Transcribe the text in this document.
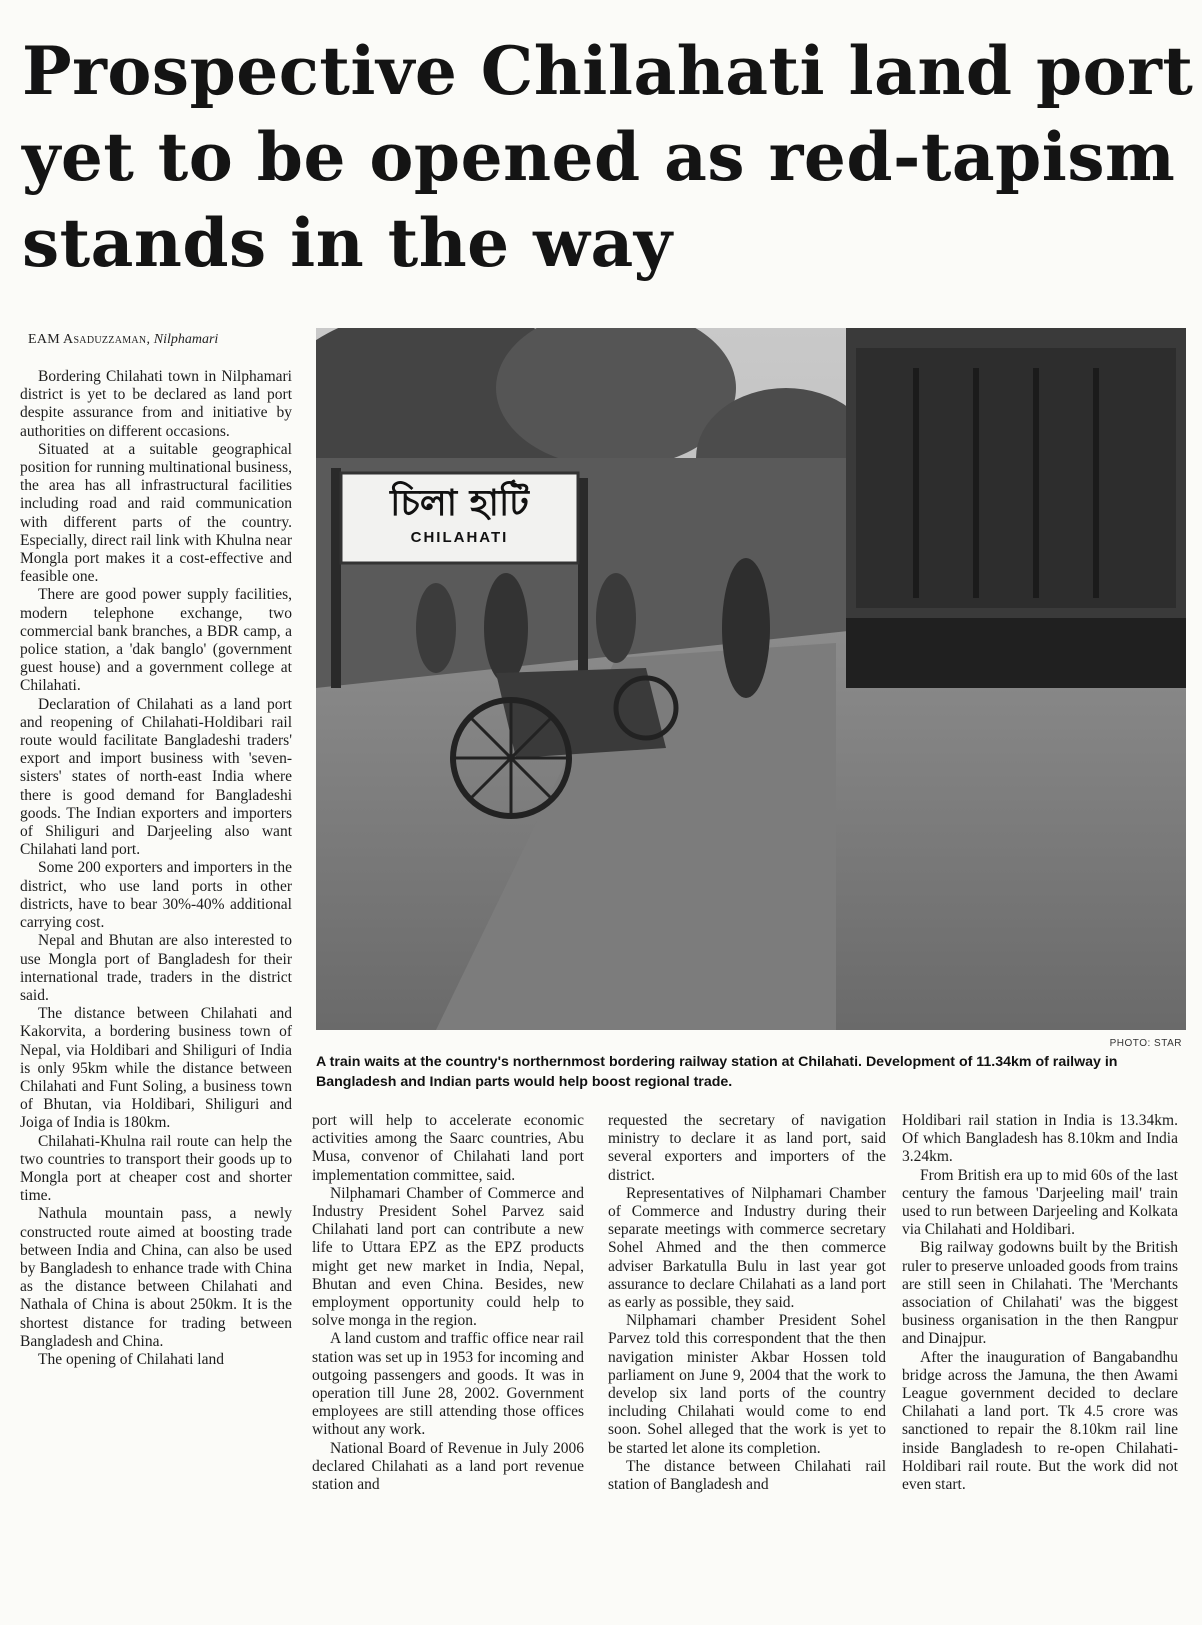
Prospective Chilahati land port
yet to be opened as red-tapism
stands in the way
EAM Asaduzzaman, Nilphamari

Bordering Chilahati town in Nilphamari district is yet to be declared as land port despite assurance from and initiative by authorities on different occasions.

Situated at a suitable geographical position for running multinational business, the area has all infrastructural facilities including road and raid communication with different parts of the country. Especially, direct rail link with Khulna near Mongla port makes it a cost-effective and feasible one.

There are good power supply facilities, modern telephone exchange, two commercial bank branches, a BDR camp, a police station, a 'dak banglo' (government guest house) and a government college at Chilahati.

Declaration of Chilahati as a land port and reopening of Chilahati-Holdibari rail route would facilitate Bangladeshi traders' export and import business with 'seven-sisters' states of north-east India where there is good demand for Bangladeshi goods. The Indian exporters and importers of Shiliguri and Darjeeling also want Chilahati land port.

Some 200 exporters and importers in the district, who use land ports in other districts, have to bear 30%-40% additional carrying cost.

Nepal and Bhutan are also interested to use Mongla port of Bangladesh for their international trade, traders in the district said.

The distance between Chilahati and Kakorvita, a bordering business town of Nepal, via Holdibari and Shiliguri of India is only 95km while the distance between Chilahati and Funt Soling, a business town of Bhutan, via Holdibari, Shiliguri and Joiga of India is 180km.

Chilahati-Khulna rail route can help the two countries to transport their goods up to Mongla port at cheaper cost and shorter time.

Nathula mountain pass, a newly constructed route aimed at boosting trade between India and China, can also be used by Bangladesh to enhance trade with China as the distance between Chilahati and Nathala of China is about 250km. It is the shortest distance for trading between Bangladesh and China.

The opening of Chilahati land

চিলা হাটি
CHILAHATI
PHOTO: STAR
A train waits at the country's northernmost bordering railway station at Chilahati. Development of 11.34km of railway in Bangladesh and Indian parts would help boost regional trade.

port will help to accelerate economic activities among the Saarc countries, Abu Musa, convenor of Chilahati land port implementation committee, said.

Nilphamari Chamber of Commerce and Industry President Sohel Parvez said Chilahati land port can contribute a new life to Uttara EPZ as the EPZ products might get new market in India, Nepal, Bhutan and even China. Besides, new employment opportunity could help to solve monga in the region.

A land custom and traffic office near rail station was set up in 1953 for incoming and outgoing passengers and goods. It was in operation till June 28, 2002. Government employees are still attending those offices without any work.

National Board of Revenue in July 2006 declared Chilahati as a land port revenue station and

requested the secretary of navigation ministry to declare it as land port, said several exporters and importers of the district.

Representatives of Nilphamari Chamber of Commerce and Industry during their separate meetings with commerce secretary Sohel Ahmed and the then commerce adviser Barkatulla Bulu in last year got assurance to declare Chilahati as a land port as early as possible, they said.

Nilphamari chamber President Sohel Parvez told this correspondent that the then navigation minister Akbar Hossen told parliament on June 9, 2004 that the work to develop six land ports of the country including Chilahati would come to end soon. Sohel alleged that the work is yet to be started let alone its completion.

The distance between Chilahati rail station of Bangladesh and

Holdibari rail station in India is 13.34km. Of which Bangladesh has 8.10km and India 3.24km.

From British era up to mid 60s of the last century the famous 'Darjeeling mail' train used to run between Darjeeling and Kolkata via Chilahati and Holdibari.

Big railway godowns built by the British ruler to preserve unloaded goods from trains are still seen in Chilahati. The 'Merchants association of Chilahati' was the biggest business organisation in the then Rangpur and Dinajpur.

After the inauguration of Bangabandhu bridge across the Jamuna, the then Awami League government decided to declare Chilahati a land port. Tk 4.5 crore was sanctioned to repair the 8.10km rail line inside Bangladesh to re-open Chilahati-Holdibari rail route. But the work did not even start.
